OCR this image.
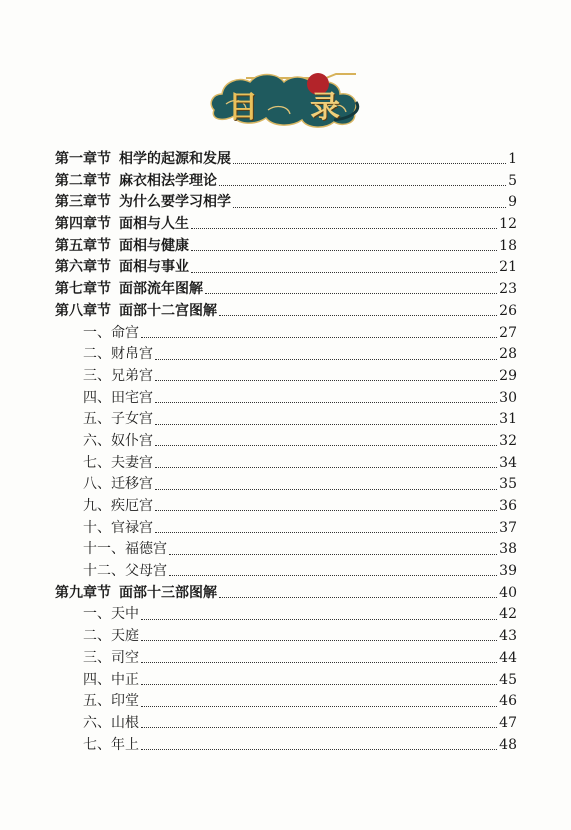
目 录
第一章节 相学的起源和发展	1
第二章节 麻衣相法学理论	5
第三章节 为什么要学习相学	9
第四章节 面相与人生	12
第五章节 面相与健康	18
第六章节 面相与事业	21
第七章节 面部流年图解	23
第八章节 面部十二宫图解	26
一、命宫	27
二、财帛宫	28
三、兄弟宫	29
四、田宅宫	30
五、子女宫	31
六、奴仆宫	32
七、夫妻宫	34
八、迁移宫	35
九、疾厄宫	36
十、官禄宫	37
十一、福德宫	38
十二、父母宫	39
第九章节 面部十三部图解	40
一、天中	42
二、天庭	43
三、司空	44
四、中正	45
五、印堂	46
六、山根	47
七、年上	48
